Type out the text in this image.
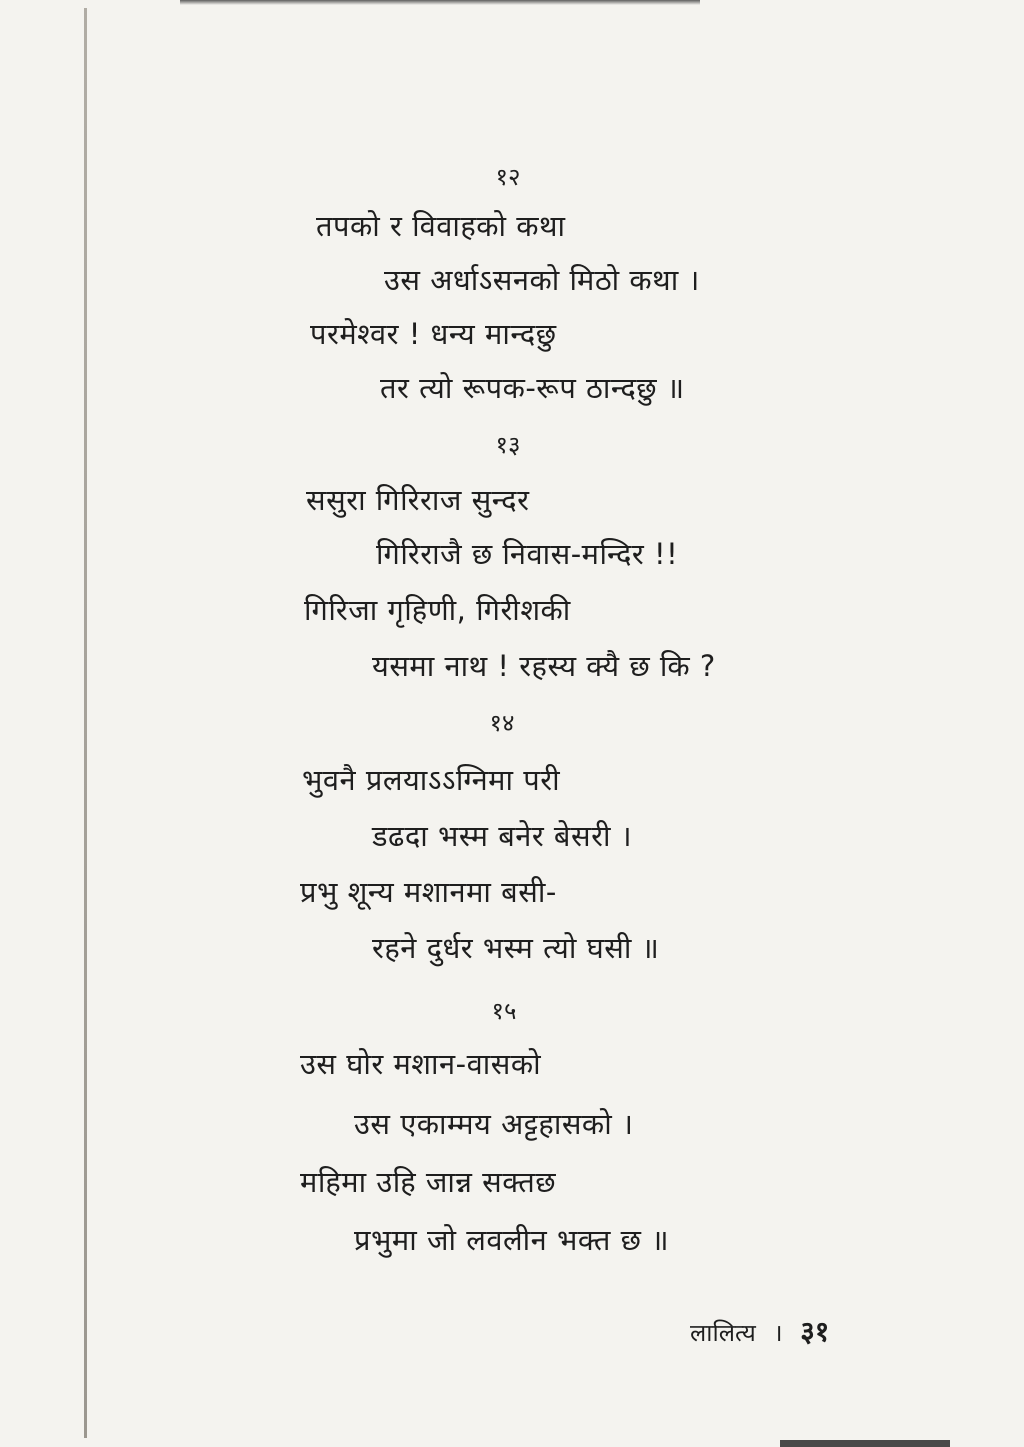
१२
तपको र विवाहको कथा
उस अर्धाऽसनको मिठो कथा ।
परमेश्वर ! धन्य मान्दछु
तर त्यो रूपक-रूप ठान्दछु ॥
१३
ससुरा गिरिराज सुन्दर
गिरिराजै छ निवास-मन्दिर !!
गिरिजा गृहिणी, गिरीशकी
यसमा नाथ ! रहस्य क्यै छ कि ?
१४
भुवनै प्रलयाऽऽग्निमा परी
डढदा भस्म बनेर बेसरी ।
प्रभु शून्य मशानमा बसी-
रहने दुर्धर भस्म त्यो घसी ॥
१५
उस घोर मशान-वासको
उस एकाम्मय अट्टहासको ।
महिमा उहि जान्न सक्तछ
प्रभुमा जो लवलीन भक्त छ ॥
लालित्य । ३१
